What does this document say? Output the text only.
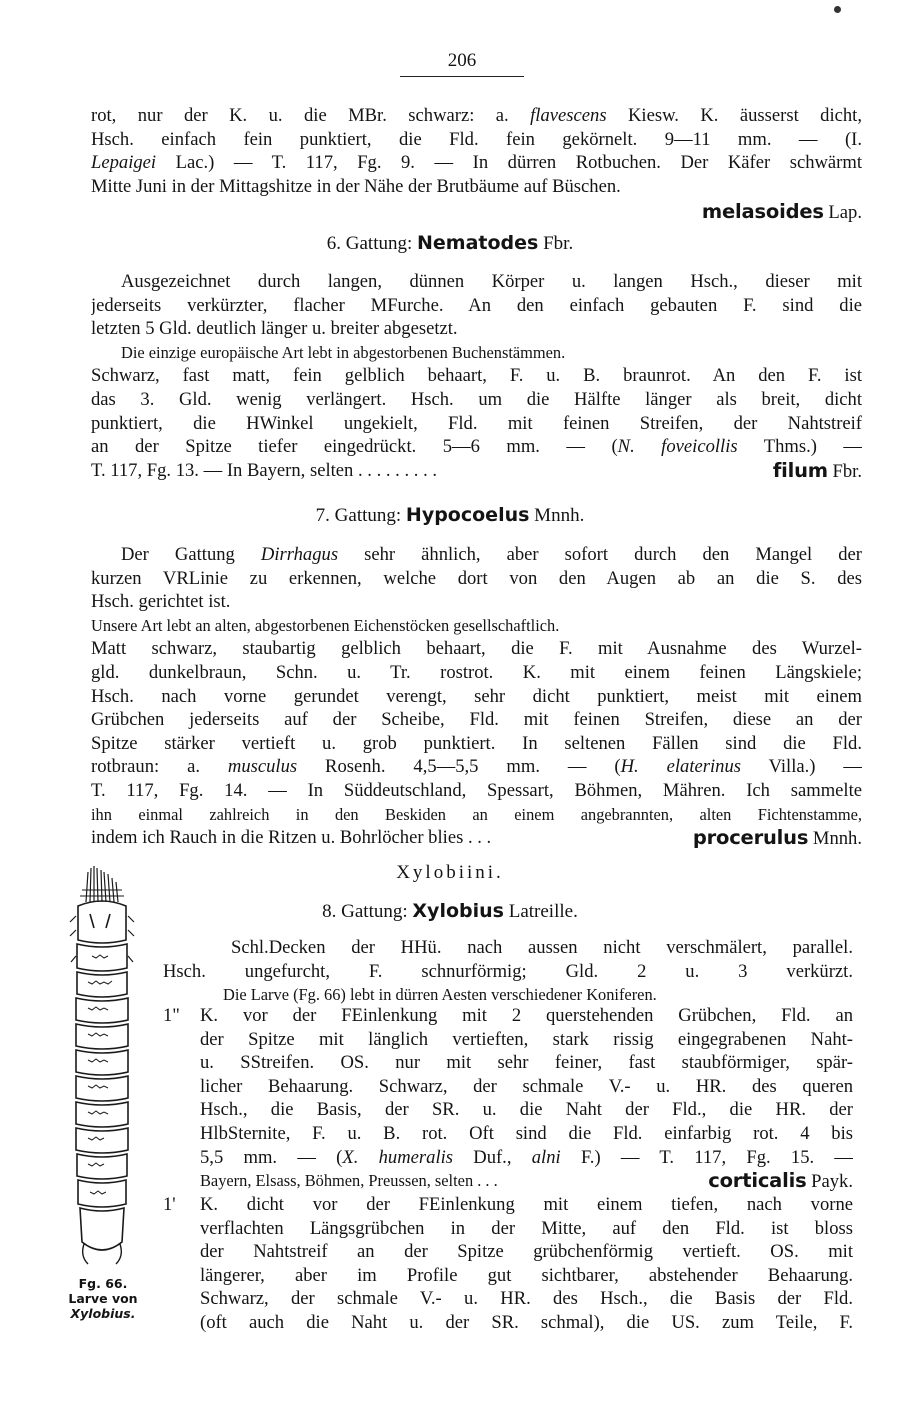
206
rot, nur der K. u. die MBr. schwarz: a. flavescens Kiesw. K. äusserst dicht,
Hsch. einfach fein punktiert, die Fld. fein gekörnelt. 9—11 mm. — (I.
Lepaigei Lac.) — T. 117, Fg. 9. — In dürren Rotbuchen. Der Käfer schwärmt
Mitte Juni in der Mittagshitze in der Nähe der Brutbäume auf Büschen.
melasoides Lap.
6. Gattung: Nematodes Fbr.
Ausgezeichnet durch langen, dünnen Körper u. langen Hsch., dieser mit
jederseits verkürzter, flacher MFurche. An den einfach gebauten F. sind die
letzten 5 Gld. deutlich länger u. breiter abgesetzt.
Die einzige europäische Art lebt in abgestorbenen Buchenstämmen.
Schwarz, fast matt, fein gelblich behaart, F. u. B. braunrot. An den F. ist
das 3. Gld. wenig verlängert. Hsch. um die Hälfte länger als breit, dicht
punktiert, die HWinkel ungekielt, Fld. mit feinen Streifen, der Nahtstreif
an der Spitze tiefer eingedrückt. 5—6 mm. — (N. foveicollis Thms.) —
T. 117, Fg. 13. — In Bayern, selten . . . . . . . . .	filum Fbr.
7. Gattung: Hypocoelus Mnnh.
Der Gattung Dirrhagus sehr ähnlich, aber sofort durch den Mangel der
kurzen VRLinie zu erkennen, welche dort von den Augen ab an die S. des
Hsch. gerichtet ist.
Unsere Art lebt an alten, abgestorbenen Eichenstöcken gesellschaftlich.
Matt schwarz, staubartig gelblich behaart, die F. mit Ausnahme des Wurzel-
gld. dunkelbraun, Schn. u. Tr. rostrot. K. mit einem feinen Längskiele;
Hsch. nach vorne gerundet verengt, sehr dicht punktiert, meist mit einem
Grübchen jederseits auf der Scheibe, Fld. mit feinen Streifen, diese an der
Spitze stärker vertieft u. grob punktiert. In seltenen Fällen sind die Fld.
rotbraun: a. musculus Rosenh. 4,5—5,5 mm. — (H. elaterinus Villa.) —
T. 117, Fg. 14. — In Süddeutschland, Spessart, Böhmen, Mähren. Ich sammelte
ihn einmal zahlreich in den Beskiden an einem angebrannten, alten Fichtenstamme,
indem ich Rauch in die Ritzen u. Bohrlöcher blies . . .	procerulus Mnnh.
Xylobiini.
8. Gattung: Xylobius Latreille.
Schl.Decken der HHü. nach aussen nicht verschmälert, parallel.
Hsch. ungefurcht, F. schnurförmig; Gld. 2 u. 3 verkürzt.
Die Larve (Fg. 66) lebt in dürren Aesten verschiedener Koniferen.
1"	K. vor der FEinlenkung mit 2 querstehenden Grübchen, Fld. an
der Spitze mit länglich vertieften, stark rissig eingegrabenen Naht-
u. SStreifen. OS. nur mit sehr feiner, fast staubförmiger, spär-
licher Behaarung. Schwarz, der schmale V.- u. HR. des queren
Hsch., die Basis, der SR. u. die Naht der Fld., die HR. der
HlbSternite, F. u. B. rot. Oft sind die Fld. einfarbig rot. 4 bis
5,5 mm. — (X. humeralis Duf., alni F.) — T. 117, Fg. 15. —
Bayern, Elsass, Böhmen, Preussen, selten . . .	corticalis Payk.
1'	K. dicht vor der FEinlenkung mit einem tiefen, nach vorne
verflachten Längsgrübchen in der Mitte, auf den Fld. ist bloss
der Nahtstreif an der Spitze grübchenförmig vertieft. OS. mit
längerer, aber im Profile gut sichtbarer, abstehender Behaarung.
Schwarz, der schmale V.- u. HR. des Hsch., die Basis der Fld.
(oft auch die Naht u. der SR. schmal), die US. zum Teile, F.
Fg. 66.
Larve von
Xylobius.
